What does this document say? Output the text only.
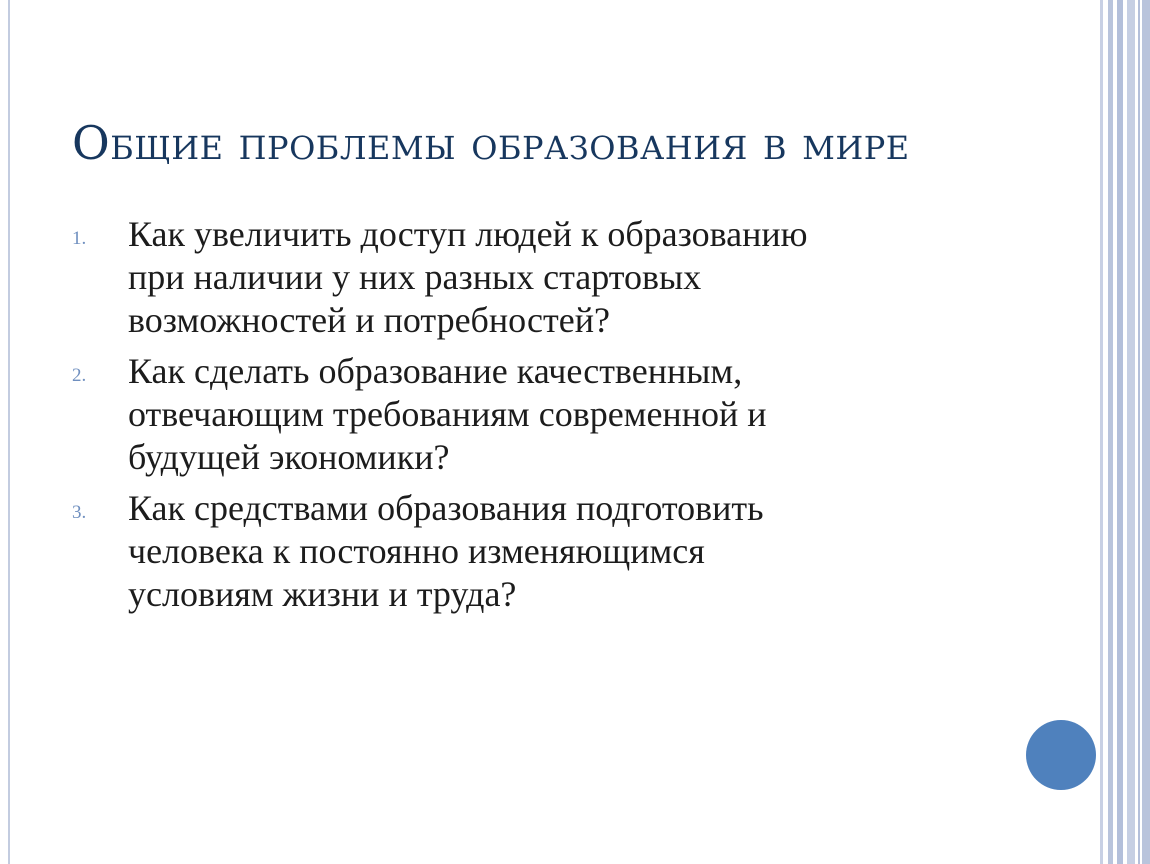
Общие проблемы образования в мире
1. Как увеличить доступ людей к образованию
при наличии у них разных стартовых
возможностей и потребностей?
2. Как сделать образование качественным,
отвечающим требованиям современной и
будущей экономики?
3. Как средствами образования подготовить
человека к постоянно изменяющимся
условиям жизни и труда?
